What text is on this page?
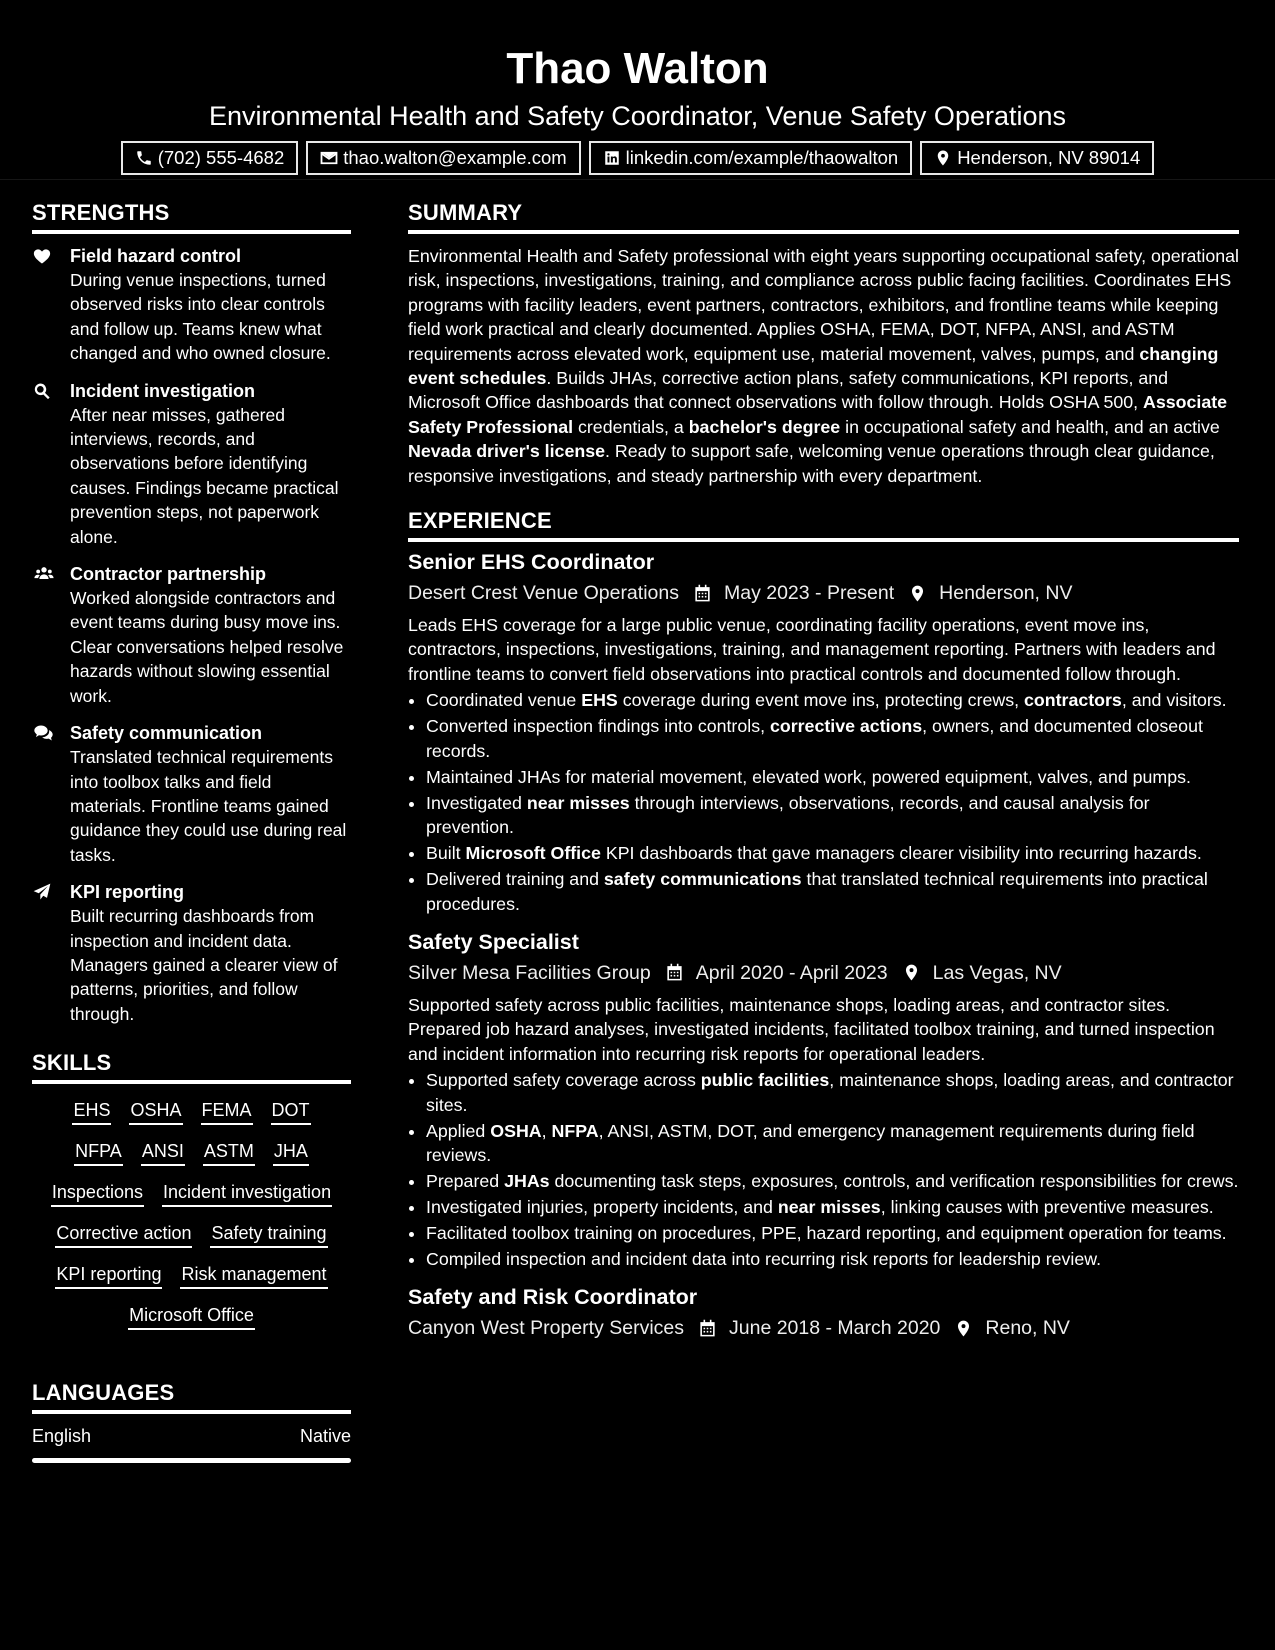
Thao Walton
Environmental Health and Safety Coordinator, Venue Safety Operations
(702) 555-4682	thao.walton@example.com	linkedin.com/example/thaowalton	Henderson, NV 89014
STRENGTHS
Field hazard control
During venue inspections, turned observed risks into clear controls and follow up. Teams knew what changed and who owned closure.
Incident investigation
After near misses, gathered interviews, records, and observations before identifying causes. Findings became practical prevention steps, not paperwork alone.
Contractor partnership
Worked alongside contractors and event teams during busy move ins. Clear conversations helped resolve hazards without slowing essential work.
Safety communication
Translated technical requirements into toolbox talks and field materials. Frontline teams gained guidance they could use during real tasks.
KPI reporting
Built recurring dashboards from inspection and incident data. Managers gained a clearer view of patterns, priorities, and follow through.
SKILLS
EHS OSHA FEMA DOT
NFPA ANSI ASTM JHA
Inspections Incident investigation
Corrective action Safety training
KPI reporting Risk management
Microsoft Office
LANGUAGES
English	Native
SUMMARY

Environmental Health and Safety professional with eight years supporting occupational safety, operational risk, inspections, investigations, training, and compliance across public facing facilities. Coordinates EHS programs with facility leaders, event partners, contractors, exhibitors, and frontline teams while keeping field work practical and clearly documented. Applies OSHA, FEMA, DOT, NFPA, ANSI, and ASTM requirements across elevated work, equipment use, material movement, valves, pumps, and changing event schedules. Builds JHAs, corrective action plans, safety communications, KPI reports, and Microsoft Office dashboards that connect observations with follow through. Holds OSHA 500, Associate Safety Professional credentials, a bachelor's degree in occupational safety and health, and an active Nevada driver's license. Ready to support safe, welcoming venue operations through clear guidance, responsive investigations, and steady partnership with every department.

EXPERIENCE
Senior EHS Coordinator
Desert Crest Venue Operations May 2023 - Present Henderson, NV
Leads EHS coverage for a large public venue, coordinating facility operations, event move ins, contractors, inspections, investigations, training, and management reporting. Partners with leaders and frontline teams to convert field observations into practical controls and documented follow through.
• Coordinated venue EHS coverage during event move ins, protecting crews, contractors, and visitors.
• Converted inspection findings into controls, corrective actions, owners, and documented closeout records.
• Maintained JHAs for material movement, elevated work, powered equipment, valves, and pumps.
• Investigated near misses through interviews, observations, records, and causal analysis for prevention.
• Built Microsoft Office KPI dashboards that gave managers clearer visibility into recurring hazards.
• Delivered training and safety communications that translated technical requirements into practical procedures.
Safety Specialist
Silver Mesa Facilities Group April 2020 - April 2023 Las Vegas, NV
Supported safety across public facilities, maintenance shops, loading areas, and contractor sites. Prepared job hazard analyses, investigated incidents, facilitated toolbox training, and turned inspection and incident information into recurring risk reports for operational leaders.
• Supported safety coverage across public facilities, maintenance shops, loading areas, and contractor sites.
• Applied OSHA, NFPA, ANSI, ASTM, DOT, and emergency management requirements during field reviews.
• Prepared JHAs documenting task steps, exposures, controls, and verification responsibilities for crews.
• Investigated injuries, property incidents, and near misses, linking causes with preventive measures.
• Facilitated toolbox training on procedures, PPE, hazard reporting, and equipment operation for teams.
• Compiled inspection and incident data into recurring risk reports for leadership review.
Safety and Risk Coordinator
Canyon West Property Services June 2018 - March 2020 Reno, NV
